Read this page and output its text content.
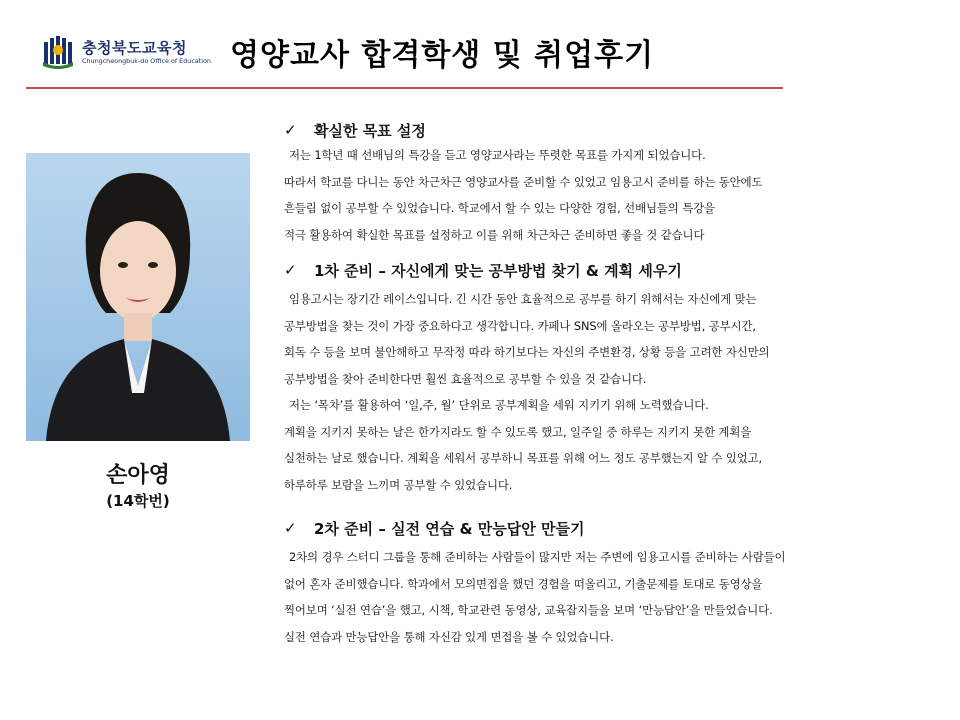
충청북도교육청
Chungcheongbuk-do Office of Education 영양교사 합격학생 및 취업후기
손아영
(14학번)
✓	확실한 목표 설정
저는 1학년 때 선배님의 특강을 듣고 영양교사라는 뚜렷한 목표를 가지게 되었습니다.
따라서 학교를 다니는 동안 차근차근 영양교사를 준비할 수 있었고 임용고시 준비를 하는 동안에도
흔들림 없이 공부할 수 있었습니다. 학교에서 할 수 있는 다양한 경험, 선배님들의 특강을
적극 활용하여 확실한 목표를 설정하고 이를 위해 차근차근 준비하면 좋을 것 같습니다
✓	1차 준비 – 자신에게 맞는 공부방법 찾기 & 계획 세우기
임용고시는 장기간 레이스입니다. 긴 시간 동안 효율적으로 공부를 하기 위해서는 자신에게 맞는
공부방법을 찾는 것이 가장 중요하다고 생각합니다. 카페나 SNS에 올라오는 공부방법, 공부시간,
회독 수 등을 보며 불안해하고 무작정 따라 하기보다는 자신의 주변환경, 상황 등을 고려한 자신만의
공부방법을 찾아 준비한다면 훨씬 효율적으로 공부할 수 있을 것 같습니다.
저는 ‘목차’를 활용하여 ‘일,주, 월’ 단위로 공부계획을 세워 지키기 위해 노력했습니다.
계획을 지키지 못하는 날은 한가지라도 할 수 있도록 했고, 일주일 중 하루는 지키지 못한 계획을
실천하는 날로 했습니다. 계획을 세워서 공부하니 목표를 위해 어느 정도 공부했는지 알 수 있었고,
하루하루 보람을 느끼며 공부할 수 있었습니다.
✓	2차 준비 – 실전 연습 & 만능답안 만들기
2차의 경우 스터디 그룹을 통해 준비하는 사람들이 많지만 저는 주변에 임용고시를 준비하는 사람들이
없어 혼자 준비했습니다. 학과에서 모의면접을 했던 경험을 떠올리고, 기출문제를 토대로 동영상을
찍어보며 ‘실전 연습’을 했고, 시책, 학교관련 동영상, 교육잡지들을 보며 ‘만능답안’을 만들었습니다.
실전 연습과 만능답안을 통해 자신감 있게 면접을 볼 수 있었습니다.
